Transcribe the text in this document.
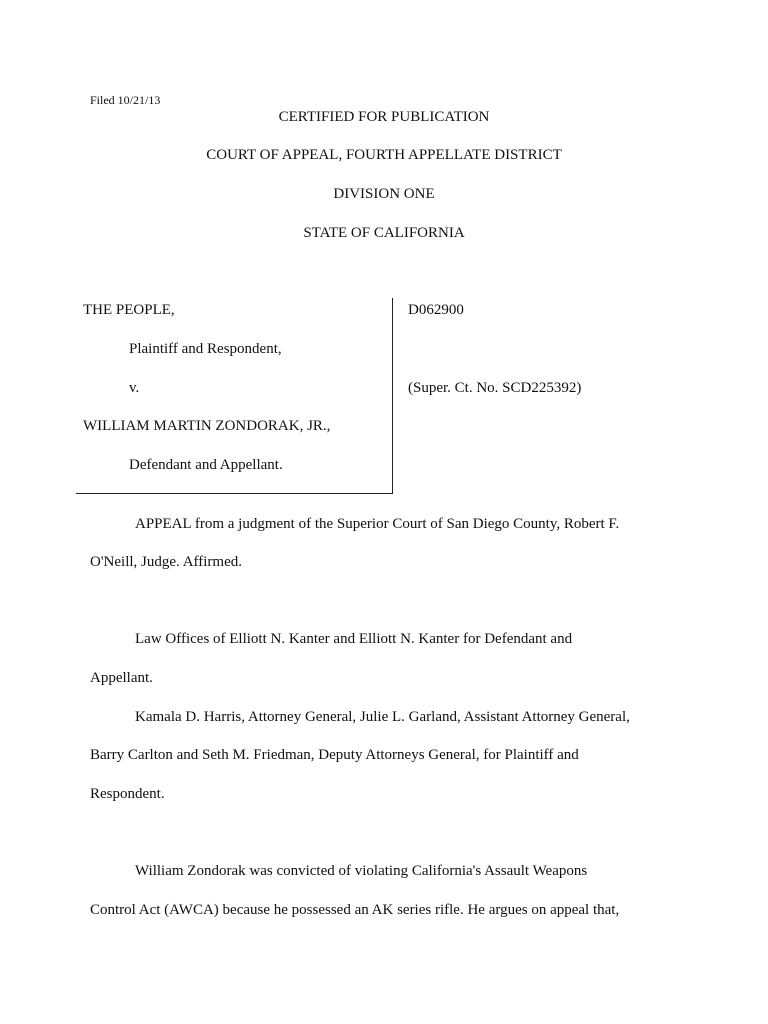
Filed 10/21/13
CERTIFIED FOR PUBLICATION
COURT OF APPEAL, FOURTH APPELLATE DISTRICT
DIVISION ONE
STATE OF CALIFORNIA
THE PEOPLE,
Plaintiff and Respondent,
v.
WILLIAM MARTIN ZONDORAK, JR.,
Defendant and Appellant.
D062900
(Super. Ct. No. SCD225392)
APPEAL from a judgment of the Superior Court of San Diego County, Robert F.
O'Neill, Judge. Affirmed.
Law Offices of Elliott N. Kanter and Elliott N. Kanter for Defendant and
Appellant.
Kamala D. Harris, Attorney General, Julie L. Garland, Assistant Attorney General,
Barry Carlton and Seth M. Friedman, Deputy Attorneys General, for Plaintiff and
Respondent.
William Zondorak was convicted of violating California's Assault Weapons
Control Act (AWCA) because he possessed an AK series rifle. He argues on appeal that,
